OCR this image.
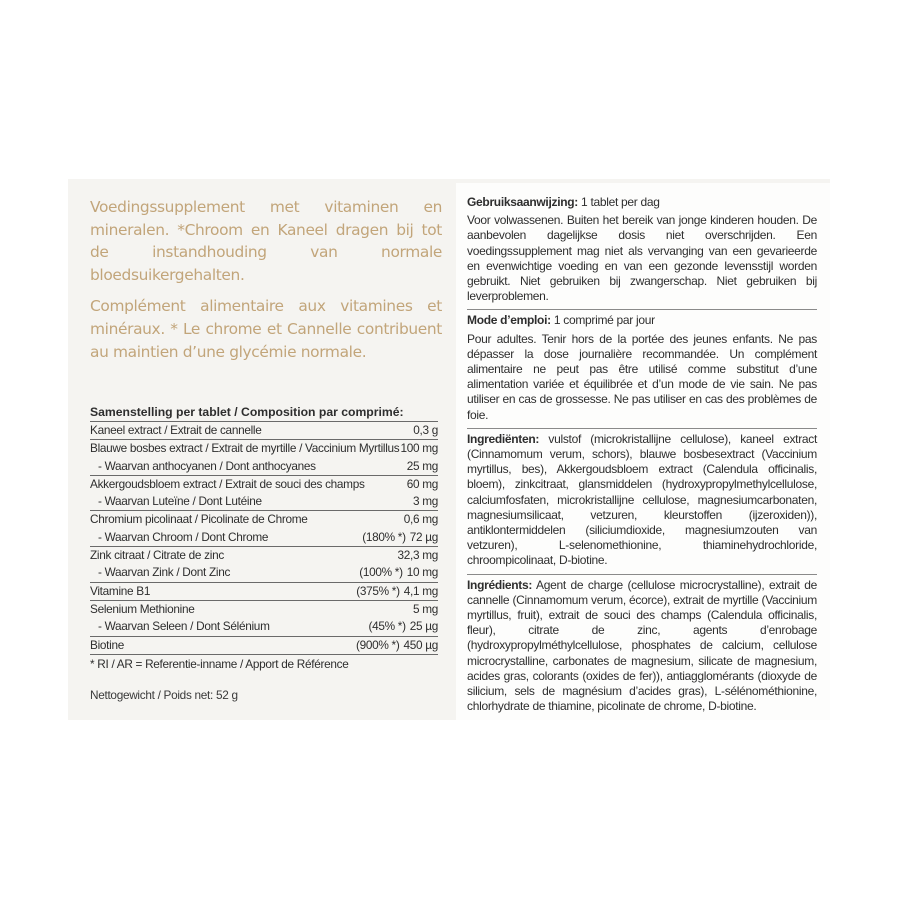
Voedingssupplement met vitaminen en mineralen. *Chroom en Kaneel dragen bij tot de instandhouding van normale bloedsuikergehalten.

Complément alimentaire aux vitamines et minéraux. * Le chrome et Cannelle contribuent au maintien d’une glycémie normale.

Samenstelling per tablet / Composition par comprimé:
Kaneel extract / Extrait de cannelle	0,3 g
Blauwe bosbes extract / Extrait de myrtille / Vaccinium Myrtillus 100 mg
- Waarvan anthocyanen / Dont anthocyanes	25 mg
Akkergoudsbloem extract / Extrait de souci des champs	60 mg
- Waarvan Luteïne / Dont Lutéine	3 mg
Chromium picolinaat / Picolinate de Chrome	0,6 mg
- Waarvan Chroom / Dont Chrome	(180% *) 72 µg
Zink citraat / Citrate de zinc	32,3 mg
- Waarvan Zink / Dont Zinc	(100% *) 10 mg
Vitamine B1	(375% *) 4,1 mg
Selenium Methionine	5 mg
- Waarvan Seleen / Dont Sélénium	(45% *) 25 µg
Biotine	(900% *) 450 µg
* RI / AR = Referentie-inname / Apport de Référence
Nettogewicht / Poids net: 52 g

Gebruiksaanwijzing: 1 tablet per dag

Voor volwassenen. Buiten het bereik van jonge kinderen houden. De aanbevolen dagelijkse dosis niet overschrijden. Een voedingssupplement mag niet als vervanging van een gevarieerde en evenwichtige voeding en van een gezonde levensstijl worden gebruikt. Niet gebruiken bij zwangerschap. Niet gebruiken bij leverproblemen.

Mode d’emploi: 1 comprimé par jour

Pour adultes. Tenir hors de la portée des jeunes enfants. Ne pas dépasser la dose journalière recommandée. Un complément alimentaire ne peut pas être utilisé comme substitut d’une alimentation variée et équilibrée et d’un mode de vie sain. Ne pas utiliser en cas de grossesse. Ne pas utiliser en cas des problèmes de foie.

Ingrediënten: vulstof (microkristallijne cellulose), kaneel extract (Cinnamomum verum, schors), blauwe bosbesextract (Vaccinium myrtillus, bes), Akkergoudsbloem extract (Calendula officinalis, bloem), zinkcitraat, glansmiddelen (hydroxypropylmethylcellulose, calciumfosfaten, microkristallijne cellulose, magnesiumcarbonaten, magnesiumsilicaat, vetzuren, kleurstoffen (ijzeroxiden)), antiklontermiddelen (siliciumdioxide, magnesiumzouten van vetzuren), L-selenomethionine, thiaminehydrochloride, chroompicolinaat, D-biotine.

Ingrédients: Agent de charge (cellulose microcrystalline), extrait de cannelle (Cinnamomum verum, écorce), extrait de myrtille (Vaccinium myrtillus, fruit), extrait de souci des champs (Calendula officinalis, fleur), citrate de zinc, agents d’enrobage (hydroxypropylméthylcellulose, phosphates de calcium, cellulose microcrystalline, carbonates de magnesium, silicate de magnesium, acides gras, colorants (oxides de fer)), antiagglomérants (dioxyde de silicium, sels de magnésium d’acides gras), L-sélénométhionine, chlorhydrate de thiamine, picolinate de chrome, D-biotine.
